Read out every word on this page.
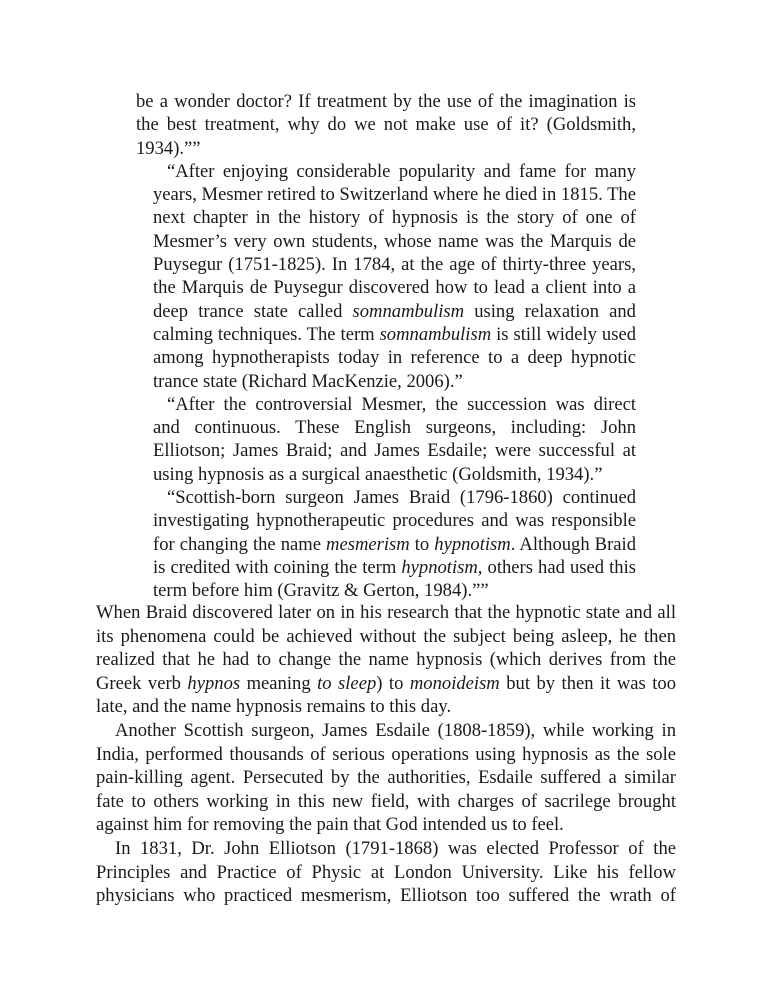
be a wonder doctor? If treatment by the use of the imagination is the best treatment, why do we not make use of it? (Goldsmith, 1934).””

“After enjoying considerable popularity and fame for many years, Mesmer retired to Switzerland where he died in 1815. The next chapter in the history of hypnosis is the story of one of Mesmer’s very own students, whose name was the Marquis de Puysegur (1751-1825). In 1784, at the age of thirty-three years, the Marquis de Puysegur discovered how to lead a client into a deep trance state called somnambulism using relaxation and calming techniques. The term somnambulism is still widely used among hypnotherapists today in reference to a deep hypnotic trance state (Richard MacKenzie, 2006).”

“After the controversial Mesmer, the succession was direct and continuous. These English surgeons, including: John Elliotson; James Braid; and James Esdaile; were successful at using hypnosis as a surgical anaesthetic (Goldsmith, 1934).”

“Scottish-born surgeon James Braid (1796-1860) continued investigating hypnotherapeutic procedures and was responsible for changing the name mesmerism to hypnotism. Although Braid is credited with coining the term hypnotism, others had used this term before him (Gravitz & Gerton, 1984).””

When Braid discovered later on in his research that the hypnotic state and all its phenomena could be achieved without the subject being asleep, he then realized that he had to change the name hypnosis (which derives from the Greek verb hypnos meaning to sleep) to monoideism but by then it was too late, and the name hypnosis remains to this day.

Another Scottish surgeon, James Esdaile (1808-1859), while working in India, performed thousands of serious operations using hypnosis as the sole pain-killing agent. Persecuted by the authorities, Esdaile suffered a similar fate to others working in this new field, with charges of sacrilege brought against him for removing the pain that God intended us to feel.

In 1831, Dr. John Elliotson (1791-1868) was elected Professor of the Principles and Practice of Physic at London University. Like his fellow physicians who practiced mesmerism, Elliotson too suffered the wrath of
